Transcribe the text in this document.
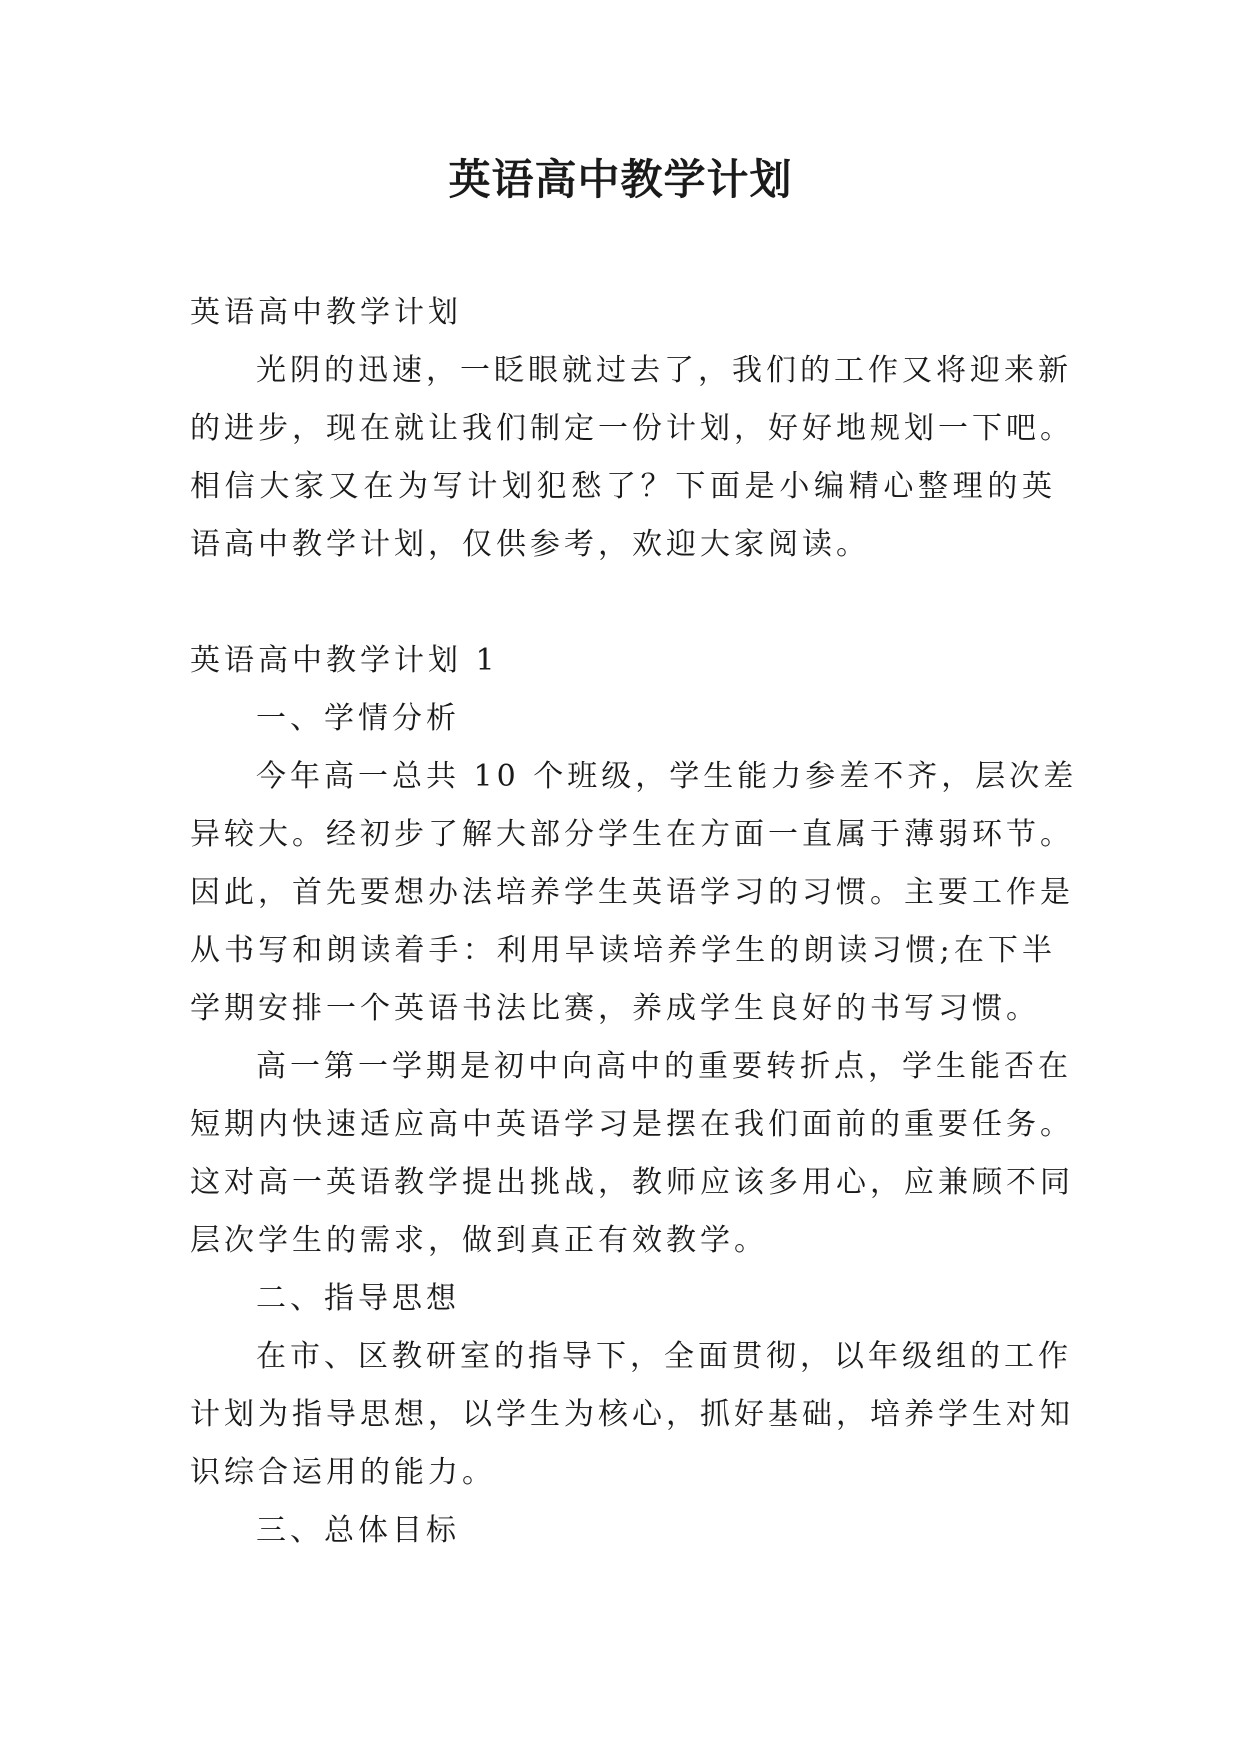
英语高中教学计划
英语高中教学计划
光阴的迅速，一眨眼就过去了，我们的工作又将迎来新
的进步，现在就让我们制定一份计划，好好地规划一下吧。
相信大家又在为写计划犯愁了？下面是小编精心整理的英
语高中教学计划，仅供参考，欢迎大家阅读。
英语高中教学计划 1
一、学情分析
今年高一总共 10 个班级，学生能力参差不齐，层次差
异较大。经初步了解大部分学生在方面一直属于薄弱环节。
因此，首先要想办法培养学生英语学习的习惯。主要工作是
从书写和朗读着手：利用早读培养学生的朗读习惯;在下半
学期安排一个英语书法比赛，养成学生良好的书写习惯。
高一第一学期是初中向高中的重要转折点，学生能否在
短期内快速适应高中英语学习是摆在我们面前的重要任务。
这对高一英语教学提出挑战，教师应该多用心，应兼顾不同
层次学生的需求，做到真正有效教学。
二、指导思想
在市、区教研室的指导下，全面贯彻，以年级组的工作
计划为指导思想，以学生为核心，抓好基础，培养学生对知
识综合运用的能力。
三、总体目标
